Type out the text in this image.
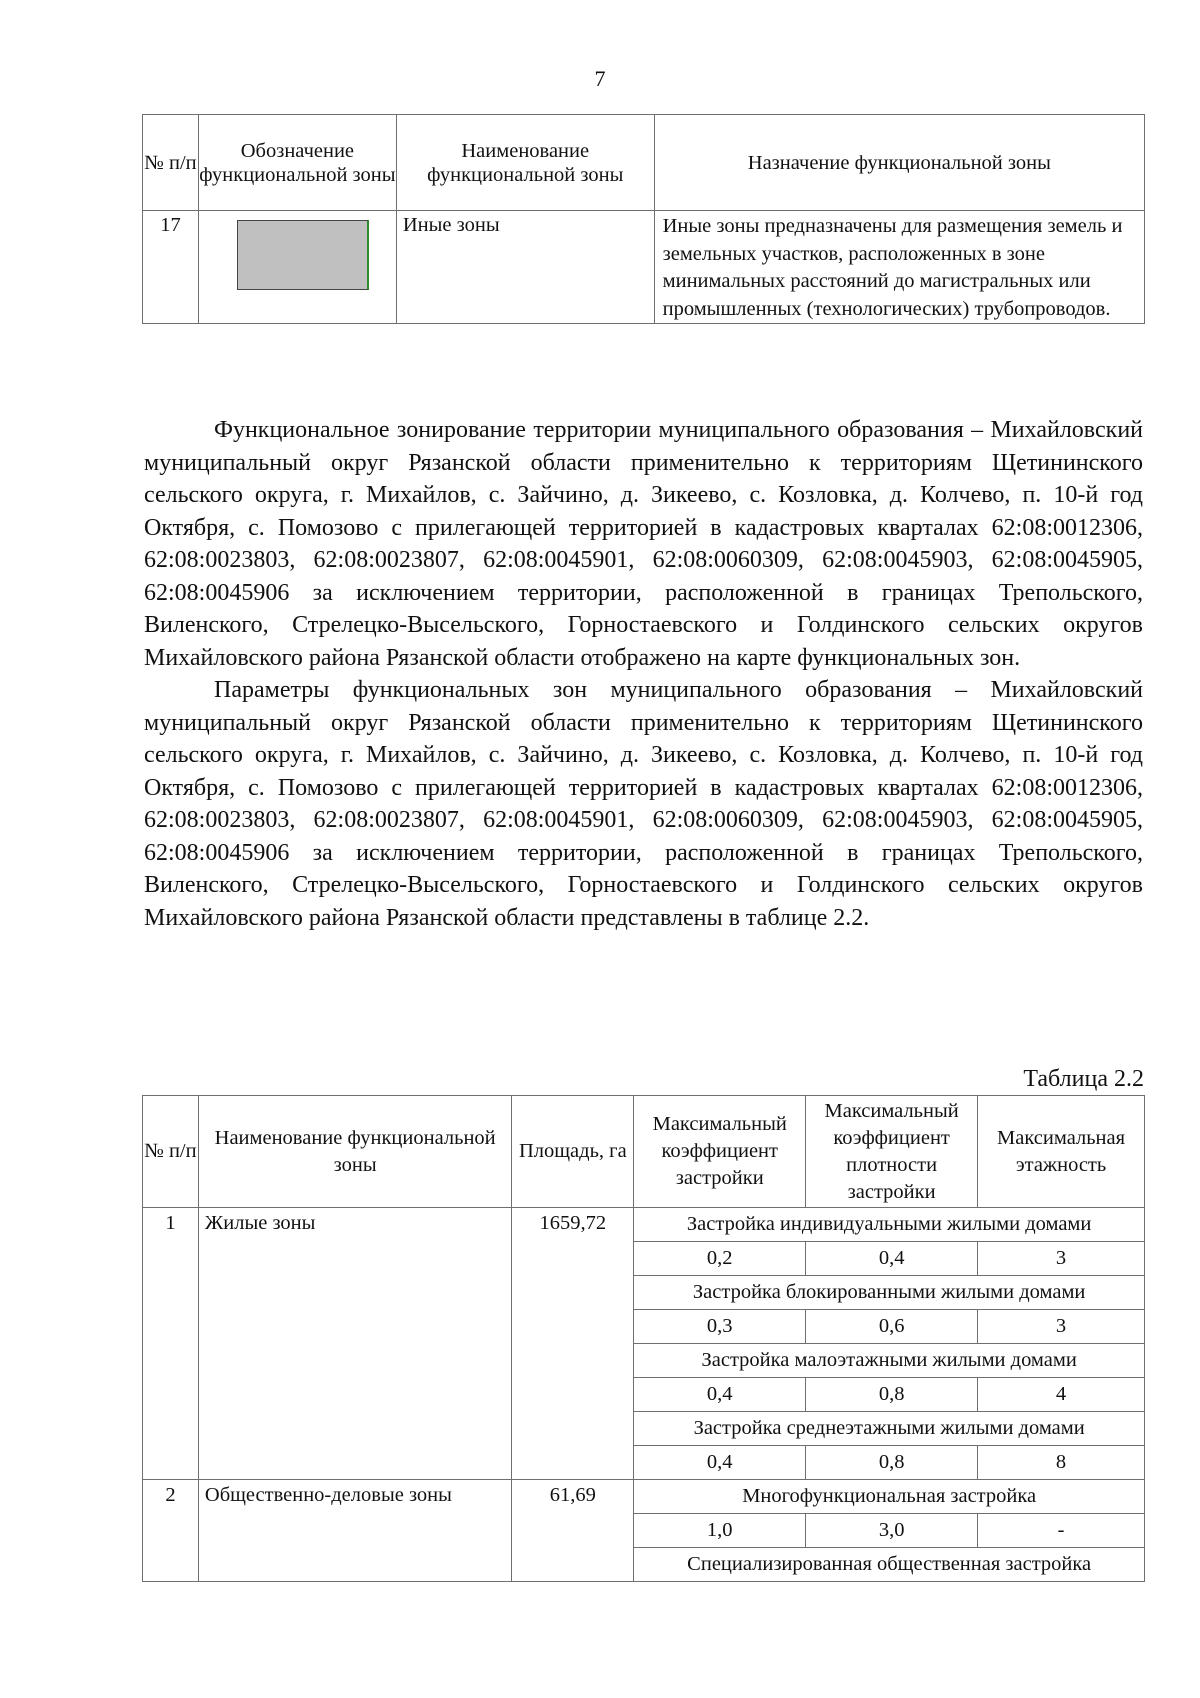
7
№ п/п	Обозначение функциональной зоны	Наименование функциональной зоны	Назначение функциональной зоны
17		Иные зоны	Иные зоны предназначены для размещения земель и земельных участков, расположенных в зоне минимальных расстояний до магистральных или промышленных (технологических) трубопроводов.

Функциональное зонирование территории муниципального образования – Михайловский муниципальный округ Рязанской области применительно к территориям Щетининского сельского округа, г. Михайлов, с. Зайчино, д. Зикеево, с. Козловка, д. Колчево, п. 10-й год Октября, с. Помозово с прилегающей территорией в кадастровых кварталах 62:08:0012306, 62:08:0023803, 62:08:0023807, 62:08:0045901, 62:08:0060309, 62:08:0045903, 62:08:0045905, 62:08:0045906 за исключением территории, расположенной в границах Трепольского, Виленского, Стрелецко-Высельского, Горностаевского и Голдинского сельских округов Михайловского района Рязанской области отображено на карте функциональных зон.

Параметры функциональных зон муниципального образования – Михайловский муниципальный округ Рязанской области применительно к территориям Щетининского сельского округа, г. Михайлов, с. Зайчино, д. Зикеево, с. Козловка, д. Колчево, п. 10-й год Октября, с. Помозово с прилегающей территорией в кадастровых кварталах 62:08:0012306, 62:08:0023803, 62:08:0023807, 62:08:0045901, 62:08:0060309, 62:08:0045903, 62:08:0045905, 62:08:0045906 за исключением территории, расположенной в границах Трепольского, Виленского, Стрелецко-Высельского, Горностаевского и Голдинского сельских округов Михайловского района Рязанской области представлены в таблице 2.2.

Таблица 2.2
№ п/п	Наименование функциональной зоны	Площадь, га	Максимальный коэффициент застройки	Максимальный коэффициент плотности застройки	Максимальная этажность
1	Жилые зоны	1659,72	Застройка индивидуальными жилыми домами		
			0,2	0,4	3
			Застройка блокированными жилыми домами		
			0,3	0,6	3
			Застройка малоэтажными жилыми домами		
			0,4	0,8	4
			Застройка среднеэтажными жилыми домами		
			0,4	0,8	8
2	Общественно-деловые зоны	61,69	Многофункциональная застройка		
			1,0	3,0	-
			Специализированная общественная застройка		
